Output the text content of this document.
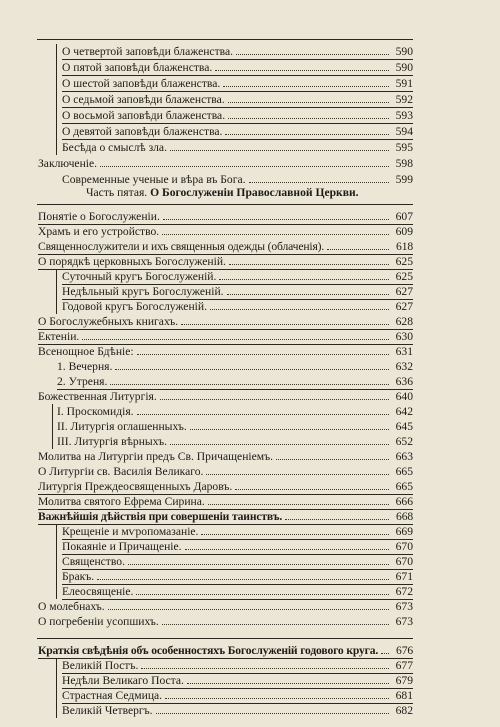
О четвертой заповѣди блаженства.	590
О пятой заповѣди блаженства.	590
О шестой заповѣди блаженства.	591
О седьмой заповѣди блаженства.	592
О восьмой заповѣди блаженства.	593
О девятой заповѣди блаженства.	594
Бесѣда о смыслѣ зла.	595
Заключеніе.	598
Современные ученые и вѣра въ Бога.	599
Часть пятая. О Богослуженіи Православной Церкви.
Понятіе о Богослуженіи.	607
Храмъ и его устройство.	609
Священнослужители и ихъ священныя одежды (облаченія).	618
О порядкѣ церковныхъ Богослуженій.	625
Суточный кругъ Богослуженій.	625
Недѣльный кругъ Богослуженій.	627
Годовой кругъ Богослуженій.	627
О Богослужебныхъ книгахъ.	628
Ектеніи.	630
Всенощное Бдѣніе:	631
1. Вечерня.	632
2. Утреня.	636
Божественная Литургія.	640
I. Проскомидія.	642
II. Литургія оглашенныхъ.	645
III. Литургія вѣрныхъ.	652
Молитва на Литургіи предъ Св. Причащеніемъ.	663
О Литургіи св. Василія Великаго.	665
Литургія Преждеосвященныхъ Даровъ.	665
Молитва святого Ефрема Сирина.	666
Важнѣйшія дѣйствія при совершеніи таинствъ.	668
Крещеніе и мѵропомазаніе.	669
Покаяніе и Причащеніе.	670
Священство.	670
Бракъ.	671
Елеосвященіе.	672
О молебнахъ.	673
О погребеніи усопшихъ.	673
Краткія свѣдѣнія объ особенностяхъ Богослуженій годового круга.	676
Великій Постъ.	677
Недѣли Великаго Поста.	679
Страстная Седмица.	681
Великій Четвергъ.	682
